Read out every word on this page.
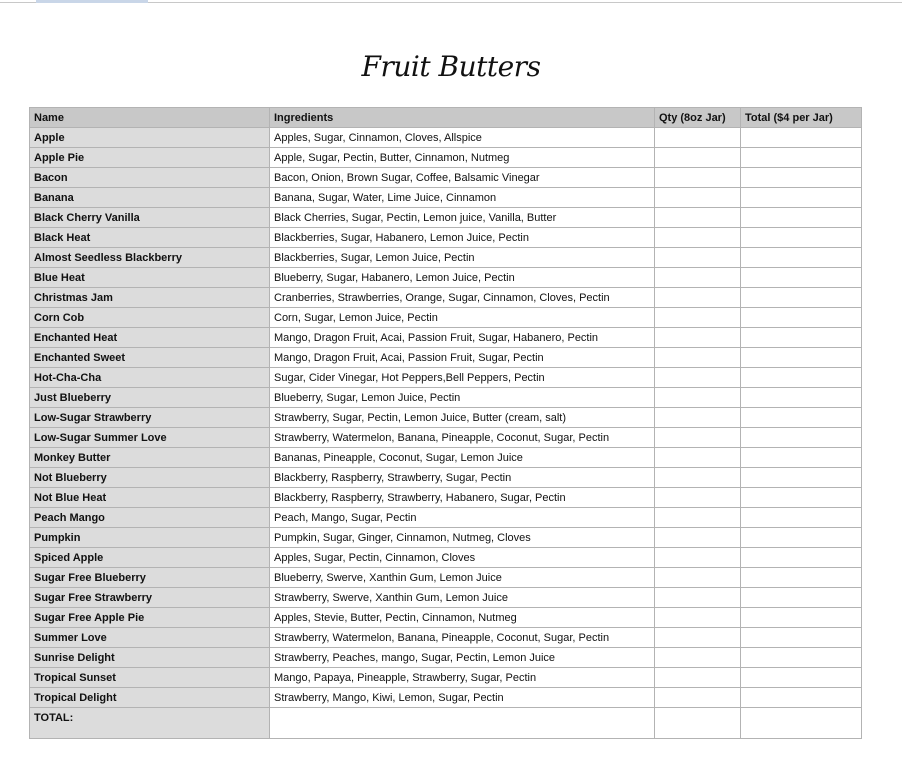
Fruit Butters
Name	Ingredients	Qty (8oz Jar)	Total ($4 per Jar)
Apple	Apples, Sugar, Cinnamon, Cloves, Allspice		
Apple Pie	Apple, Sugar, Pectin, Butter, Cinnamon, Nutmeg		
Bacon	Bacon, Onion, Brown Sugar, Coffee, Balsamic Vinegar		
Banana	Banana, Sugar, Water, Lime Juice, Cinnamon		
Black Cherry Vanilla	Black Cherries, Sugar, Pectin, Lemon juice, Vanilla, Butter		
Black Heat	Blackberries, Sugar, Habanero, Lemon Juice, Pectin		
Almost Seedless Blackberry	Blackberries, Sugar, Lemon Juice, Pectin		
Blue Heat	Blueberry, Sugar, Habanero, Lemon Juice, Pectin		
Christmas Jam	Cranberries, Strawberries, Orange, Sugar, Cinnamon, Cloves, Pectin		
Corn Cob	Corn, Sugar, Lemon Juice, Pectin		
Enchanted Heat	Mango, Dragon Fruit, Acai, Passion Fruit, Sugar, Habanero, Pectin		
Enchanted Sweet	Mango, Dragon Fruit, Acai, Passion Fruit, Sugar, Pectin		
Hot-Cha-Cha	Sugar, Cider Vinegar, Hot Peppers,Bell Peppers, Pectin		
Just Blueberry	Blueberry, Sugar, Lemon Juice, Pectin		
Low-Sugar Strawberry	Strawberry, Sugar, Pectin, Lemon Juice, Butter (cream, salt)		
Low-Sugar Summer Love	Strawberry, Watermelon, Banana, Pineapple, Coconut, Sugar, Pectin		
Monkey Butter	Bananas, Pineapple, Coconut, Sugar, Lemon Juice		
Not Blueberry	Blackberry, Raspberry, Strawberry, Sugar, Pectin		
Not Blue Heat	Blackberry, Raspberry, Strawberry, Habanero, Sugar, Pectin		
Peach Mango	Peach, Mango, Sugar, Pectin		
Pumpkin	Pumpkin, Sugar, Ginger, Cinnamon, Nutmeg, Cloves		
Spiced Apple	Apples, Sugar, Pectin, Cinnamon, Cloves		
Sugar Free Blueberry	Blueberry, Swerve, Xanthin Gum, Lemon Juice		
Sugar Free Strawberry	Strawberry, Swerve, Xanthin Gum, Lemon Juice		
Sugar Free Apple Pie	Apples, Stevie, Butter, Pectin, Cinnamon, Nutmeg		
Summer Love	Strawberry, Watermelon, Banana, Pineapple, Coconut, Sugar, Pectin		
Sunrise Delight	Strawberry, Peaches, mango, Sugar, Pectin, Lemon Juice		
Tropical Sunset	Mango, Papaya, Pineapple, Strawberry, Sugar, Pectin		
Tropical Delight	Strawberry, Mango, Kiwi, Lemon, Sugar, Pectin		
TOTAL:			
